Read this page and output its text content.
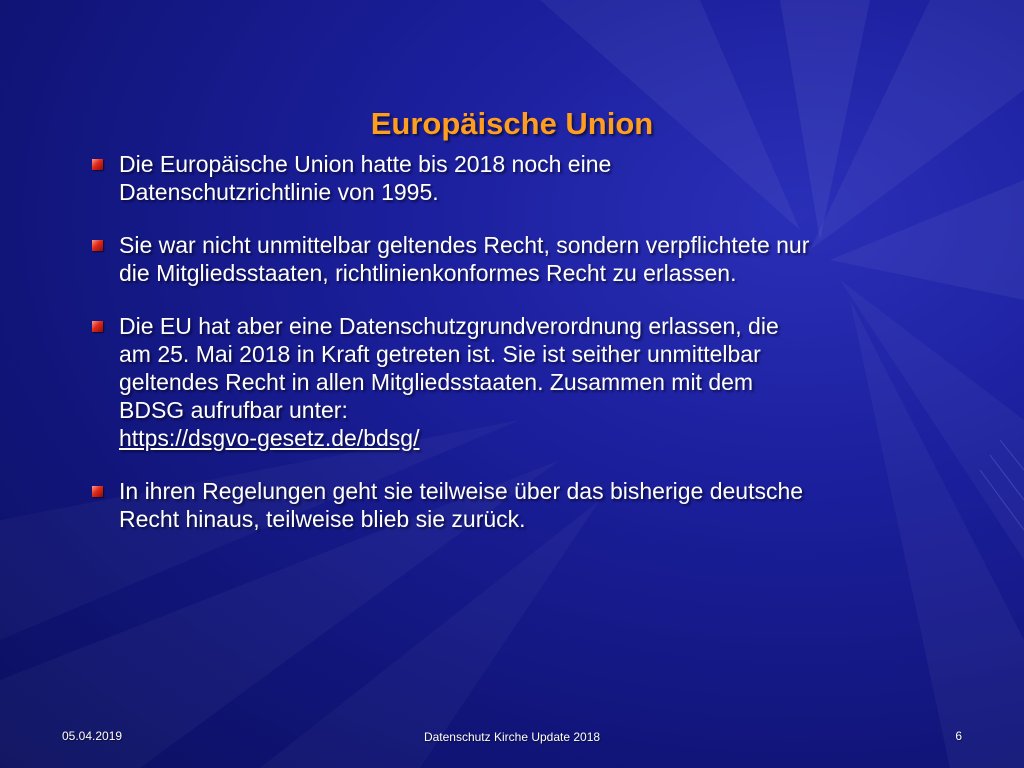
Europäische Union
Die Europäische Union hatte bis 2018 noch eine
Datenschutzrichtlinie von 1995.
Sie war nicht unmittelbar geltendes Recht, sondern verpflichtete nur
die Mitgliedsstaaten, richtlinienkonformes Recht zu erlassen.
Die EU hat aber eine Datenschutzgrundverordnung erlassen, die
am 25. Mai 2018 in Kraft getreten ist. Sie ist seither unmittelbar
geltendes Recht in allen Mitgliedsstaaten. Zusammen mit dem
BDSG aufrufbar unter:
https://dsgvo-gesetz.de/bdsg/
In ihren Regelungen geht sie teilweise über das bisherige deutsche
Recht hinaus, teilweise blieb sie zurück.
05.04.2019	Datenschutz Kirche Update 2018	6
